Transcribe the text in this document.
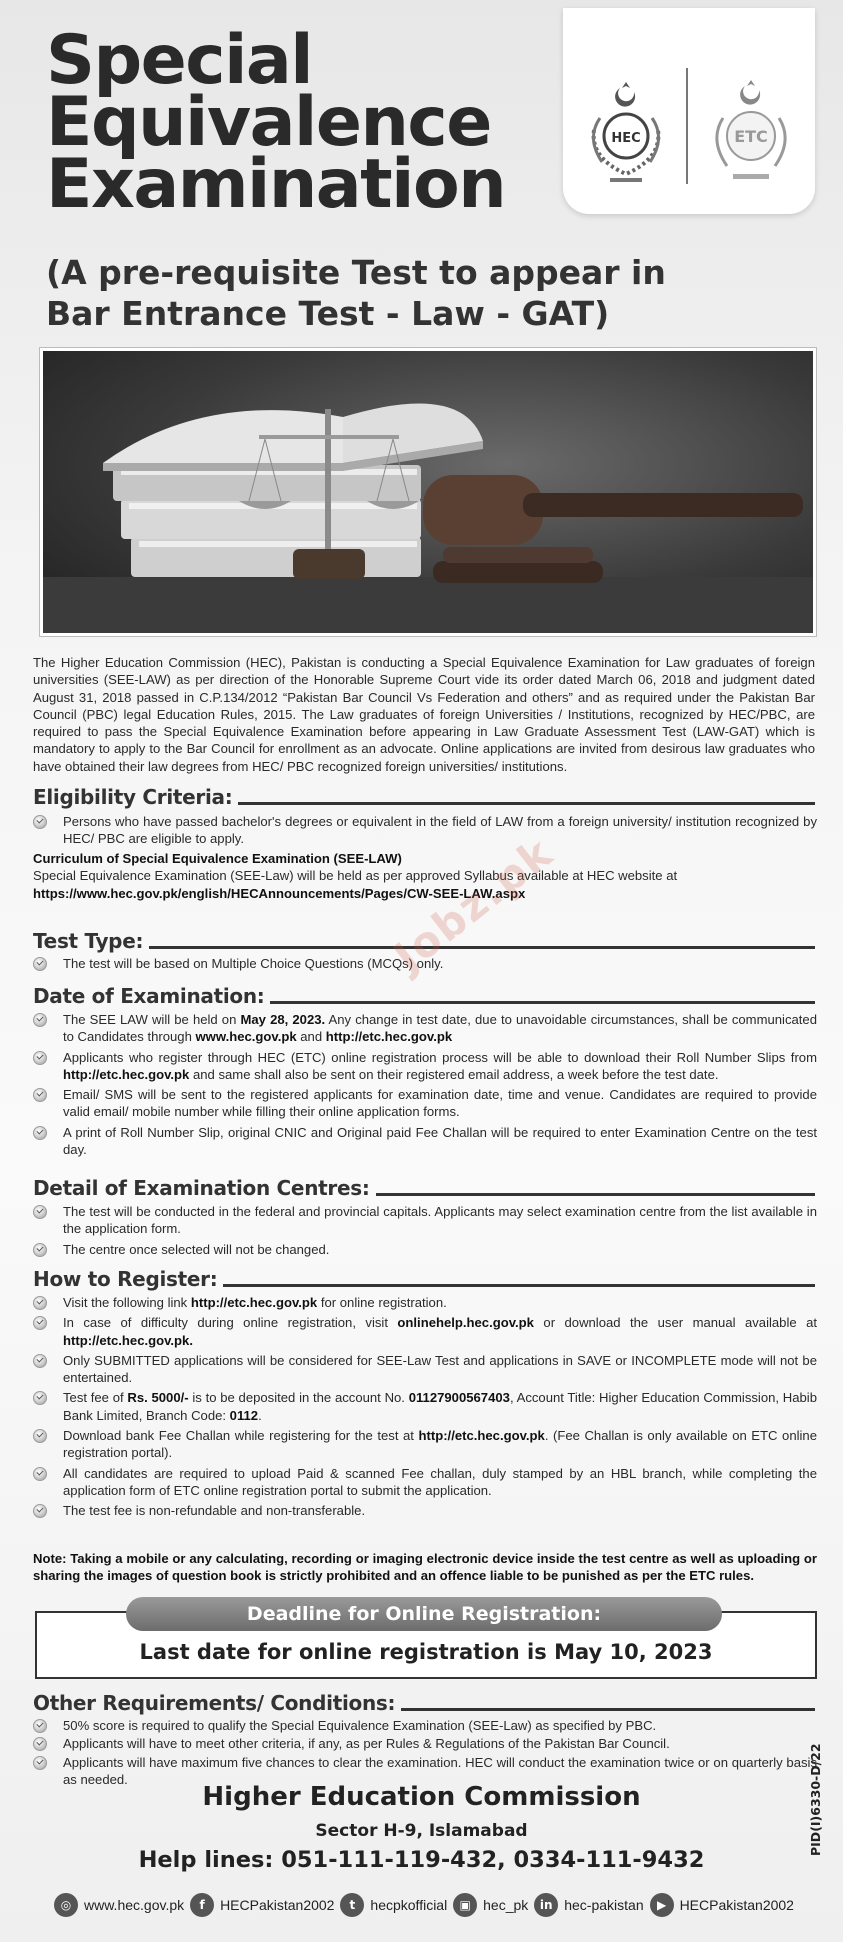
Special
Equivalence
Examination
(A pre-requisite Test to appear in
Bar Entrance Test - Law - GAT)
HEC	ETC

The Higher Education Commission (HEC), Pakistan is conducting a Special Equivalence Examination for Law graduates of foreign universities (SEE-LAW) as per direction of the Honorable Supreme Court vide its order dated March 06, 2018 and judgment dated August 31, 2018 passed in C.P.134/2012 “Pakistan Bar Council Vs Federation and others” and as required under the Pakistan Bar Council (PBC) legal Education Rules, 2015. The Law graduates of foreign Universities / Institutions, recognized by HEC/PBC, are required to pass the Special Equivalence Examination before appearing in Law Graduate Assessment Test (LAW-GAT) which is mandatory to apply to the Bar Council for enrollment as an advocate. Online applications are invited from desirous law graduates who have obtained their law degrees from HEC/ PBC recognized foreign universities/ institutions.

Eligibility Criteria:
Persons who have passed bachelor's degrees or equivalent in the field of LAW from a foreign university/ institution recognized by HEC/ PBC are eligible to apply.
Curriculum of Special Equivalence Examination (SEE-LAW)
Special Equivalence Examination (SEE-Law) will be held as per approved Syllabus available at HEC website at
https://www.hec.gov.pk/english/HECAnnouncements/Pages/CW-SEE-LAW.aspx
Test Type:
The test will be based on Multiple Choice Questions (MCQs) only.
Date of Examination:
The SEE LAW will be held on May 28, 2023. Any change in test date, due to unavoidable circumstances, shall be communicated to Candidates through www.hec.gov.pk and http://etc.hec.gov.pk
Applicants who register through HEC (ETC) online registration process will be able to download their Roll Number Slips from http://etc.hec.gov.pk and same shall also be sent on their registered email address, a week before the test date.
Email/ SMS will be sent to the registered applicants for examination date, time and venue. Candidates are required to provide valid email/ mobile number while filling their online application forms.
A print of Roll Number Slip, original CNIC and Original paid Fee Challan will be required to enter Examination Centre on the test day.
Detail of Examination Centres:
The test will be conducted in the federal and provincial capitals. Applicants may select examination centre from the list available in the application form.
The centre once selected will not be changed.
How to Register:
Visit the following link http://etc.hec.gov.pk for online registration.
In case of difficulty during online registration, visit onlinehelp.hec.gov.pk or download the user manual available at http://etc.hec.gov.pk.
Only SUBMITTED applications will be considered for SEE-Law Test and applications in SAVE or INCOMPLETE mode will not be entertained.
Test fee of Rs. 5000/- is to be deposited in the account No. 01127900567403, Account Title: Higher Education Commission, Habib Bank Limited, Branch Code: 0112.
Download bank Fee Challan while registering for the test at http://etc.hec.gov.pk. (Fee Challan is only available on ETC online registration portal).
All candidates are required to upload Paid & scanned Fee challan, duly stamped by an HBL branch, while completing the application form of ETC online registration portal to submit the application.
The test fee is non-refundable and non-transferable.
Note: Taking a mobile or any calculating, recording or imaging electronic device inside the test centre as well as uploading or sharing the images of question book is strictly prohibited and an offence liable to be punished as per the ETC rules.
Deadline for Online Registration:
Last date for online registration is May 10, 2023
Other Requirements/ Conditions:
50% score is required to qualify the Special Equivalence Examination (SEE-Law) as specified by PBC.
Applicants will have to meet other criteria, if any, as per Rules & Regulations of the Pakistan Bar Council.
Applicants will have maximum five chances to clear the examination. HEC will conduct the examination twice or on quarterly basis as needed.
Higher Education Commission
Sector H-9, Islamabad
Help lines: 051-111-119-432, 0334-111-9432
◎ www.hec.gov.pk	f	HECPakistan2002	t	hecpkofficial	▣ hec_pk in hec-pakistan	▶ HECPakistan2002
PID(I)6330-D/22
Jobz.pk
